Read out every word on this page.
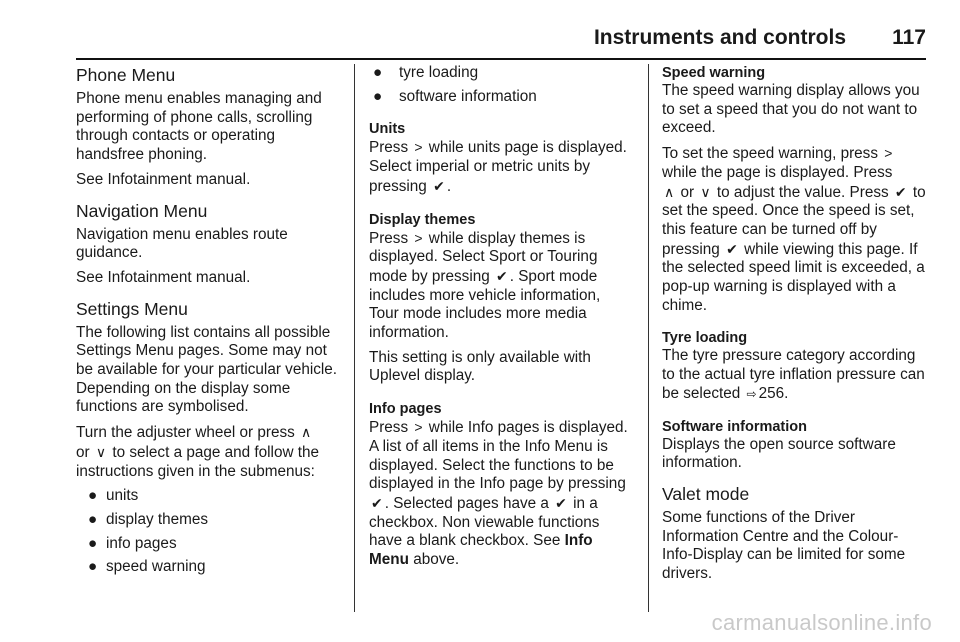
Instruments and controls 117
Phone Menu

Phone menu enables managing and performing of phone calls, scrolling through contacts or operating handsfree phoning.

See Infotainment manual.

Navigation Menu

Navigation menu enables route guidance.

See Infotainment manual.

Settings Menu

The following list contains all possible Settings Menu pages. Some may not be available for your particular vehicle. Depending on the display some functions are symbolised.

Turn the adjuster wheel or press ∧
or ∨ to select a page and follow the instructions given in the submenus:

● units
● display themes
● info pages
● speed warning
● tyre loading
● software information
Units

Press > while units page is displayed. Select imperial or metric units by pressing ✔ .

Display themes

Press > while display themes is displayed. Select Sport or Touring mode by pressing ✔ . Sport mode includes more vehicle information, Tour mode includes more media information.

This setting is only available with Uplevel display.

Info pages

Press > while Info pages is displayed. A list of all items in the Info Menu is displayed. Select the functions to be displayed in the Info page by pressing ✔ . Selected pages have a ✔ in a checkbox. Non viewable functions have a blank checkbox. See Info Menu above.

Speed warning

The speed warning display allows you to set a speed that you do not want to exceed.

To set the speed warning, press > while the page is displayed. Press
∧ or ∨ to adjust the value. Press ✔ to set the speed. Once the speed is set, this feature can be turned off by pressing ✔ while viewing this page. If the selected speed limit is exceeded, a pop-up warning is displayed with a chime.

Tyre loading

The tyre pressure category according to the actual tyre inflation pressure can be selected ⇨ 256.

Software information

Displays the open source software information.

Valet mode

Some functions of the Driver Information Centre and the Colour-Info-Display can be limited for some drivers.

carmanualsonline.info
